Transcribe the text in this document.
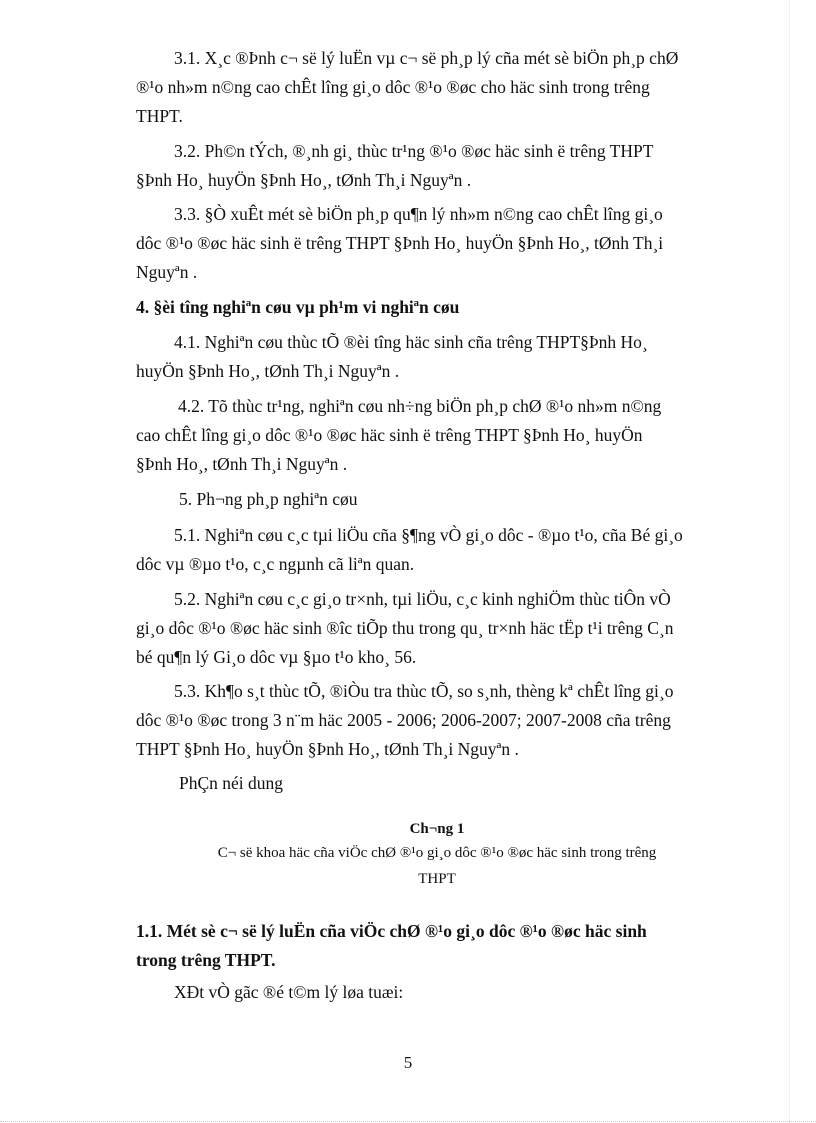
3.1. X¸c ®Þnh c¬ së lý luËn vµ c¬ së ph¸p lý cña mét sè biÖn ph¸p chØ
®¹o nh»m n©ng cao chÊt lîng gi¸o dôc ®¹o ®øc cho häc sinh trong trêng
THPT.

3.2. Ph©n tÝch, ®¸nh gi¸ thùc tr¹ng ®¹o ®øc häc sinh ë trêng THPT
§Þnh Ho¸ huyÖn §Þnh Ho¸, tØnh Th¸i Nguyªn .

3.3. §Ò xuÊt mét sè biÖn ph¸p qu¶n lý nh»m n©ng cao chÊt lîng gi¸o
dôc ®¹o ®øc häc sinh ë trêng THPT §Þnh Ho¸ huyÖn §Þnh Ho¸, tØnh Th¸i
Nguyªn .

4. §èi tîng nghiªn cøu vµ ph¹m vi nghiªn cøu

4.1. Nghiªn cøu thùc tÕ ®èi tîng häc sinh cña trêng THPT§Þnh Ho¸
huyÖn §Þnh Ho¸, tØnh Th¸i Nguyªn .

4.2. Tõ thùc tr¹ng, nghiªn cøu nh÷ng biÖn ph¸p chØ ®¹o nh»m n©ng
cao chÊt lîng gi¸o dôc ®¹o ®øc häc sinh ë trêng THPT §Þnh Ho¸ huyÖn
§Þnh Ho¸, tØnh Th¸i Nguyªn .

5. Ph¬ng ph¸p nghiªn cøu

5.1. Nghiªn cøu c¸c tµi liÖu cña §¶ng vÒ gi¸o dôc - ®µo t¹o, cña Bé gi¸o
dôc vµ ®µo t¹o, c¸c ngµnh cã liªn quan.

5.2. Nghiªn cøu c¸c gi¸o tr×nh, tµi liÖu, c¸c kinh nghiÖm thùc tiÔn vÒ
gi¸o dôc ®¹o ®øc häc sinh ®îc tiÕp thu trong qu¸ tr×nh häc tËp t¹i trêng C¸n
bé qu¶n lý Gi¸o dôc vµ §µo t¹o kho¸ 56.

5.3. Kh¶o s¸t thùc tÕ, ®iÒu tra thùc tÕ, so s¸nh, thèng kª chÊt lîng gi¸o
dôc ®¹o ®øc trong 3 n¨m häc 2005 - 2006; 2006-2007; 2007-2008 cña trêng
THPT §Þnh Ho¸ huyÖn §Þnh Ho¸, tØnh Th¸i Nguyªn .

PhÇn néi dung

Ch¬ng 1
C¬ së khoa häc cña viÖc chØ ®¹o gi¸o dôc ®¹o ®øc häc sinh trong trêng
THPT

1.1. Mét sè c¬ së lý luËn cña viÖc chØ ®¹o gi¸o dôc ®¹o ®øc häc sinh
trong trêng THPT.

XÐt vÒ gãc ®é t©m lý løa tuæi:

5
